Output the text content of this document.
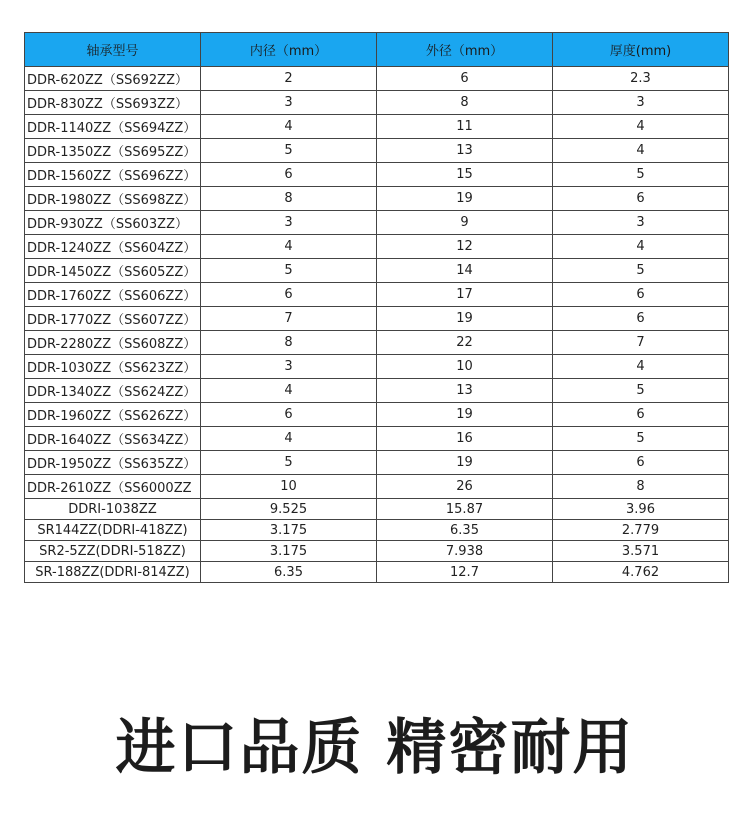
轴承型号	内径（mm）	外径（mm）	厚度(mm)
DDR-620ZZ（SS692ZZ）	2	6	2.3
DDR-830ZZ（SS693ZZ）	3	8	3
DDR-1140ZZ（SS694ZZ）	4	11	4
DDR-1350ZZ（SS695ZZ）	5	13	4
DDR-1560ZZ（SS696ZZ）	6	15	5
DDR-1980ZZ（SS698ZZ）	8	19	6
DDR-930ZZ（SS603ZZ）	3	9	3
DDR-1240ZZ（SS604ZZ）	4	12	4
DDR-1450ZZ（SS605ZZ）	5	14	5
DDR-1760ZZ（SS606ZZ）	6	17	6
DDR-1770ZZ（SS607ZZ）	7	19	6
DDR-2280ZZ（SS608ZZ）	8	22	7
DDR-1030ZZ（SS623ZZ）	3	10	4
DDR-1340ZZ（SS624ZZ）	4	13	5
DDR-1960ZZ（SS626ZZ）	6	19	6
DDR-1640ZZ（SS634ZZ）	4	16	5
DDR-1950ZZ（SS635ZZ）	5	19	6
DDR-2610ZZ（SS6000ZZ	10	26	8
DDRI-1038ZZ	9.525	15.87	3.96
SR144ZZ(DDRI-418ZZ)	3.175	6.35	2.779
SR2-5ZZ(DDRI-518ZZ)	3.175	7.938	3.571
SR-188ZZ(DDRI-814ZZ)	6.35	12.7	4.762
进口品质 精密耐用
